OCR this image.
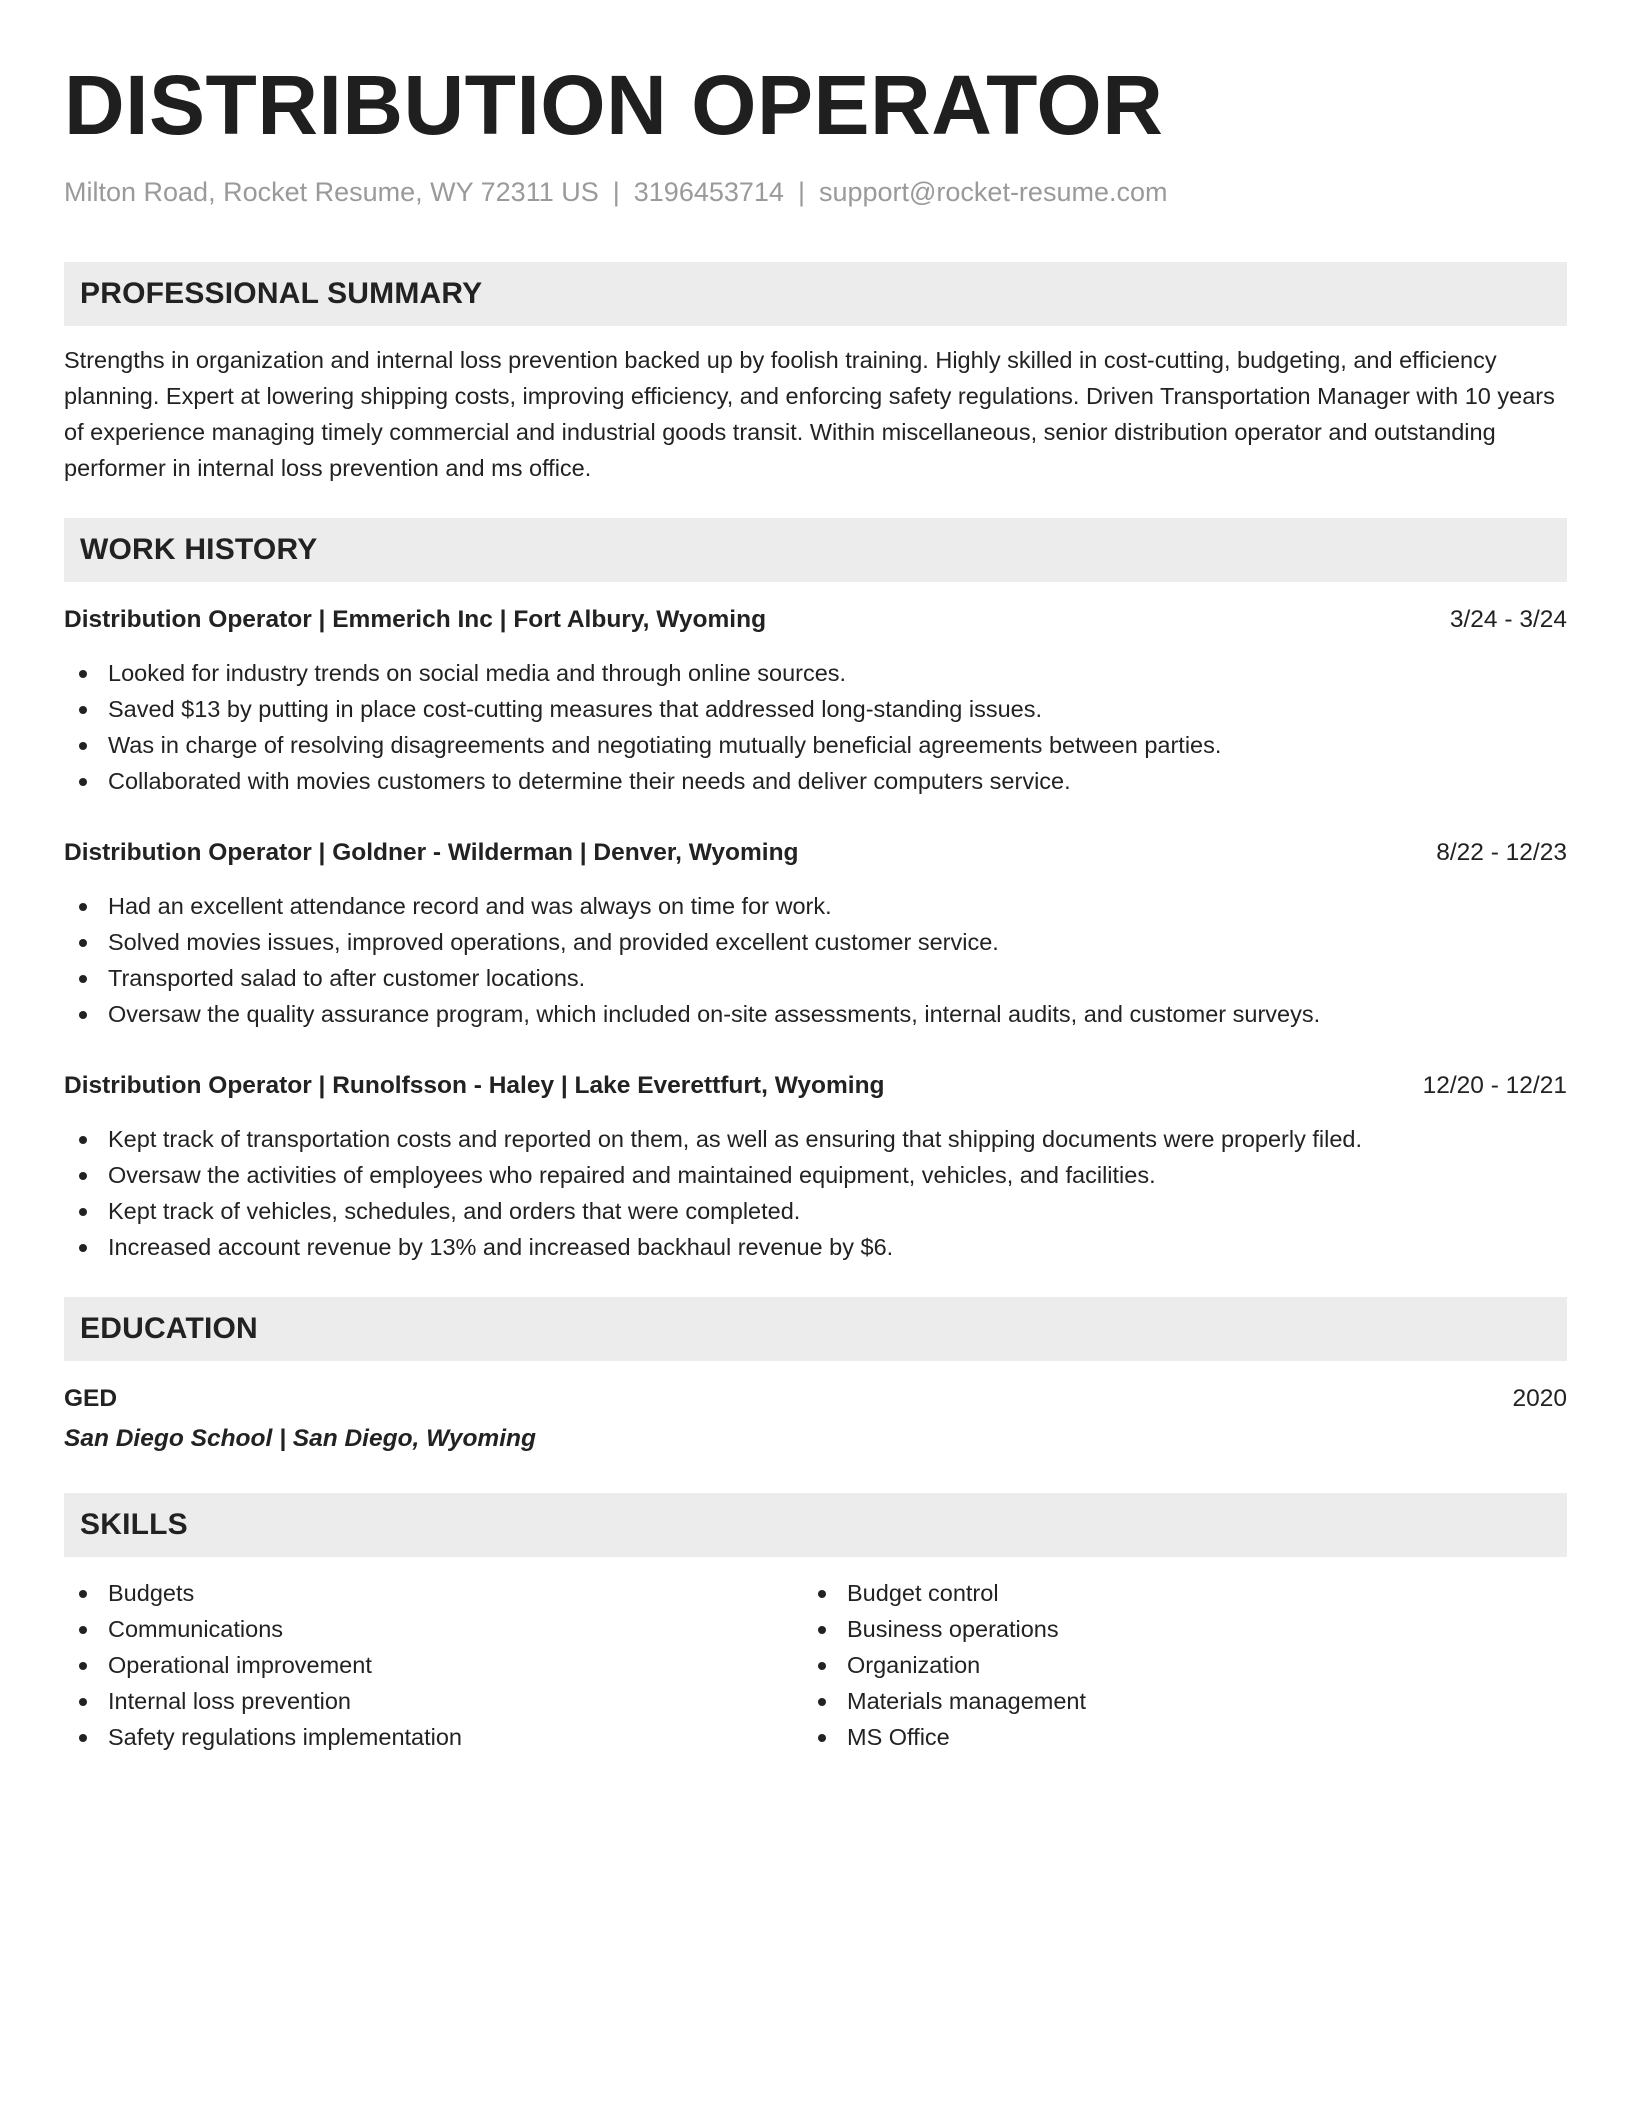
DISTRIBUTION OPERATOR
Milton Road, Rocket Resume, WY 72311 US | 3196453714 | support@rocket-resume.com
PROFESSIONAL SUMMARY

Strengths in organization and internal loss prevention backed up by foolish training. Highly skilled in cost-cutting, budgeting, and efficiency planning. Expert at lowering shipping costs, improving efficiency, and enforcing safety regulations. Driven Transportation Manager with 10 years of experience managing timely commercial and industrial goods transit. Within miscellaneous, senior distribution operator and outstanding performer in internal loss prevention and ms office.

WORK HISTORY
Distribution Operator | Emmerich Inc | Fort Albury, Wyoming	3/24 - 3/24
Looked for industry trends on social media and through online sources.
Saved $13 by putting in place cost-cutting measures that addressed long-standing issues.
Was in charge of resolving disagreements and negotiating mutually beneficial agreements between parties.
Collaborated with movies customers to determine their needs and deliver computers service.
Distribution Operator | Goldner - Wilderman | Denver, Wyoming	8/22 - 12/23
Had an excellent attendance record and was always on time for work.
Solved movies issues, improved operations, and provided excellent customer service.
Transported salad to after customer locations.
Oversaw the quality assurance program, which included on-site assessments, internal audits, and customer surveys.
Distribution Operator | Runolfsson - Haley | Lake Everettfurt, Wyoming	12/20 - 12/21
Kept track of transportation costs and reported on them, as well as ensuring that shipping documents were properly filed.
Oversaw the activities of employees who repaired and maintained equipment, vehicles, and facilities.
Kept track of vehicles, schedules, and orders that were completed.
Increased account revenue by 13% and increased backhaul revenue by $6.
EDUCATION
GED	2020
San Diego School | San Diego, Wyoming
SKILLS
Budgets
Communications
Operational improvement
Internal loss prevention
Safety regulations implementation
Budget control
Business operations
Organization
Materials management
MS Office
